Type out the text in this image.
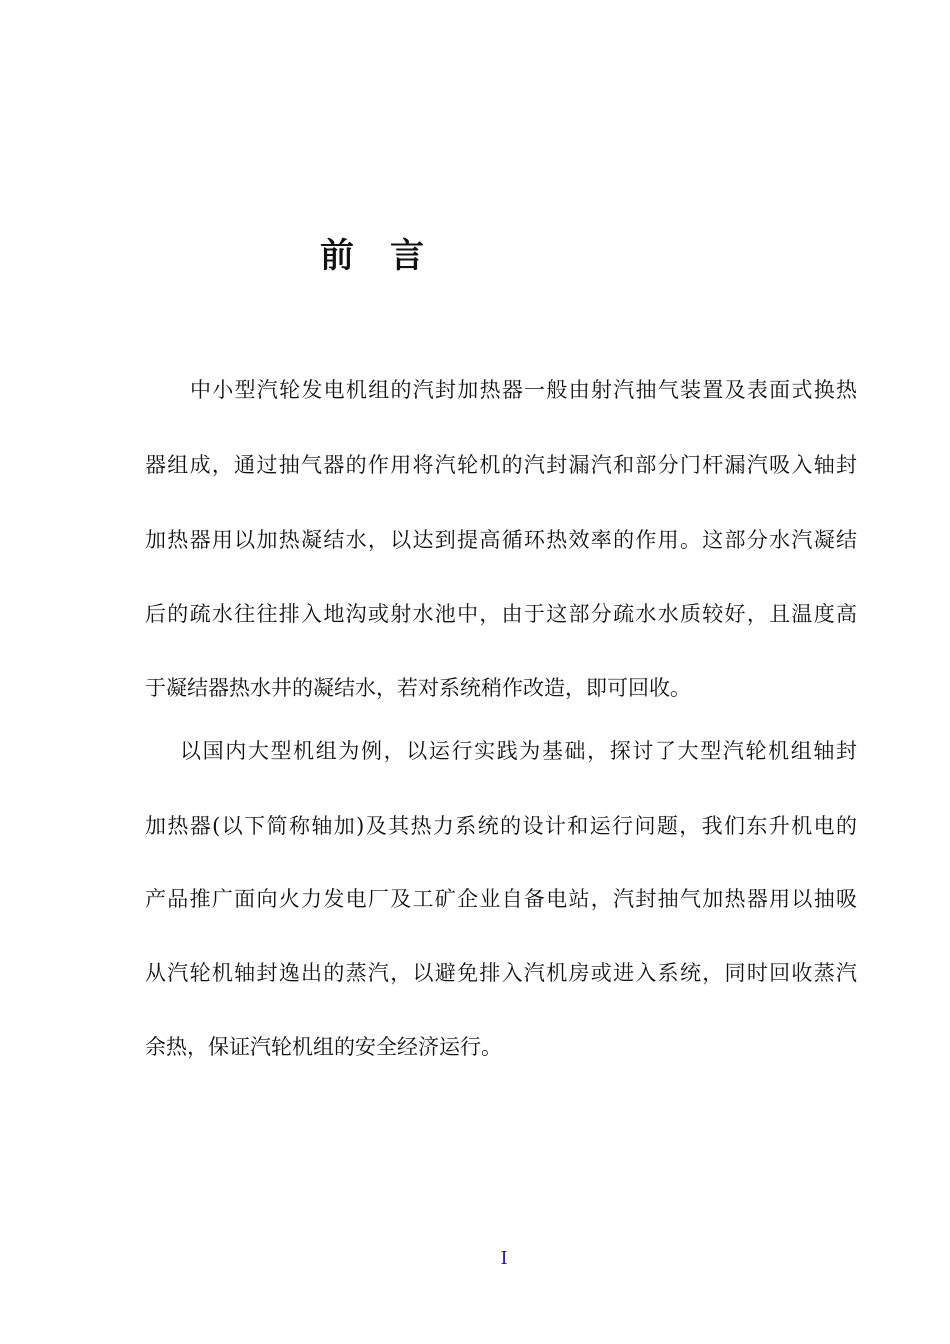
前言
中小型汽轮发电机组的汽封加热器一般由射汽抽气装置及表面式换热
器组成，通过抽气器的作用将汽轮机的汽封漏汽和部分门杆漏汽吸入轴封
加热器用以加热凝结水，以达到提高循环热效率的作用。这部分水汽凝结
后的疏水往往排入地沟或射水池中，由于这部分疏水水质较好，且温度高
于凝结器热水井的凝结水，若对系统稍作改造，即可回收。
以国内大型机组为例，以运行实践为基础，探讨了大型汽轮机组轴封
加热器(以下简称轴加)及其热力系统的设计和运行问题，我们东升机电的
产品推广面向火力发电厂及工矿企业自备电站，汽封抽气加热器用以抽吸
从汽轮机轴封逸出的蒸汽，以避免排入汽机房或进入系统，同时回收蒸汽
余热，保证汽轮机组的安全经济运行。
I
